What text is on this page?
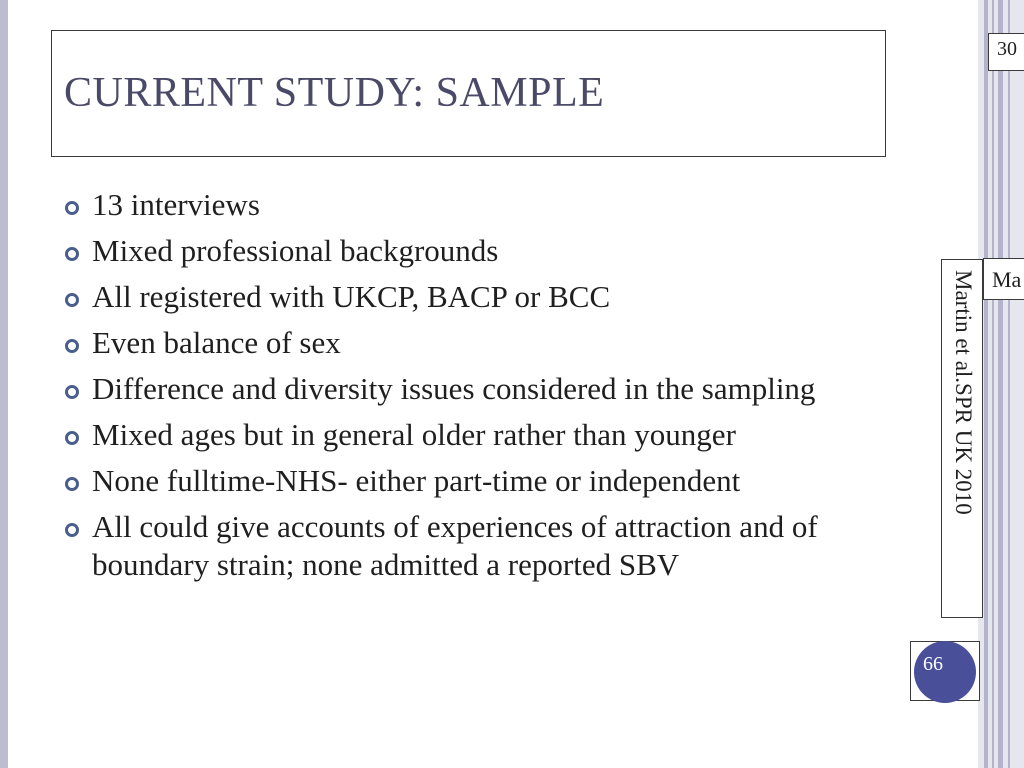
CURRENT STUDY: SAMPLE
13 interviews
Mixed professional backgrounds
All registered with UKCP, BACP or BCC
Even balance of sex
Difference and diversity issues considered in the sampling
Mixed ages but in general older rather than younger
None fulltime-NHS- either part-time or independent
All could give accounts of experiences of attraction and of boundary strain; none admitted a reported SBV
30
Ma
Martin et al.SPR UK 2010
66
